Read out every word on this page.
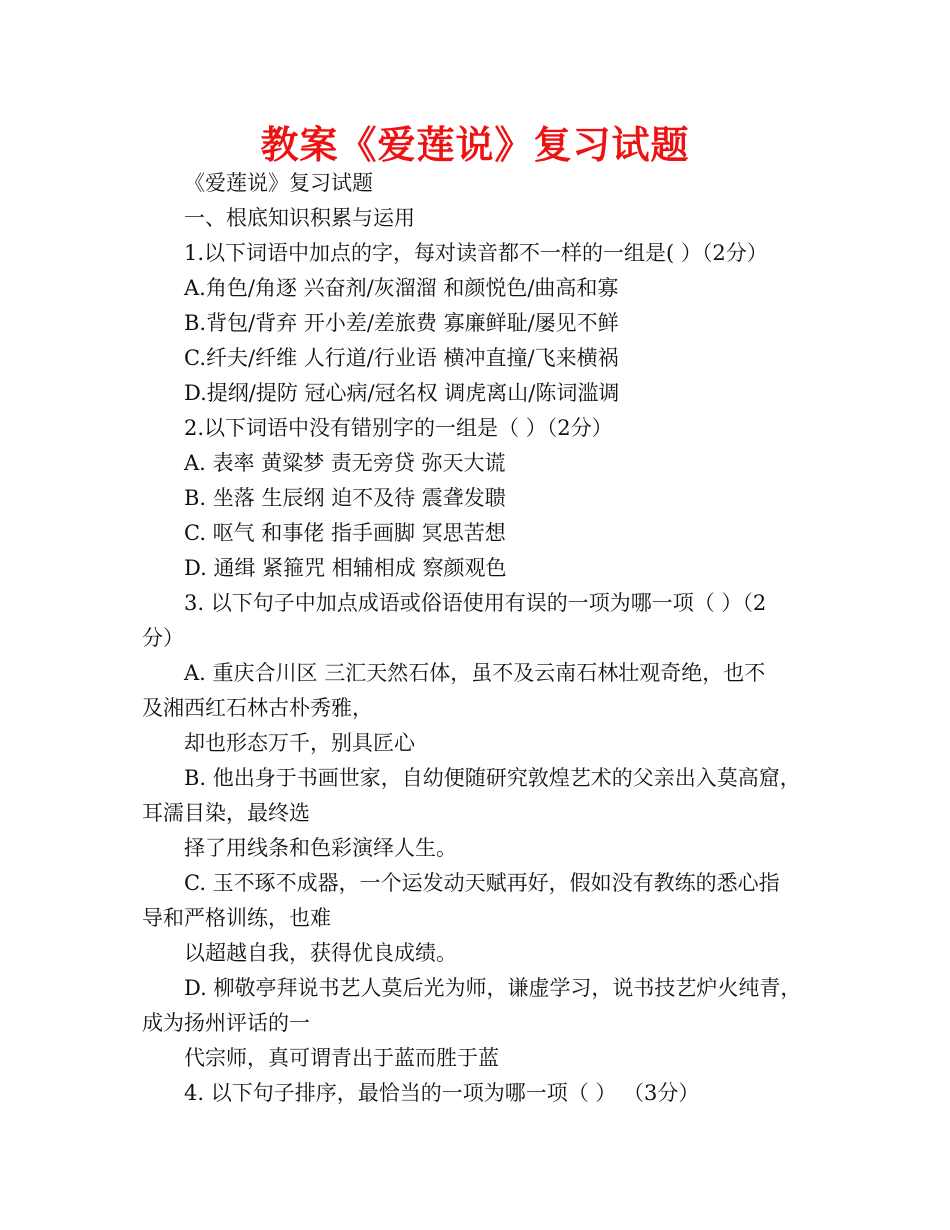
教案《爱莲说》复习试题
《爱莲说》复习试题
一、根底知识积累与运用
1.以下词语中加点的字，每对读音都不一样的一组是( ）（2分）
A.角色/角逐 兴奋剂/灰溜溜 和颜悦色/曲高和寡
B.背包/背弃 开小差/差旅费 寡廉鲜耻/屡见不鲜
C.纤夫/纤维 人行道/行业语 横冲直撞/飞来横祸
D.提纲/提防 冠心病/冠名权 调虎离山/陈词滥调
2.以下词语中没有错别字的一组是（ ）（2分）
A. 表率 黄粱梦 责无旁贷 弥天大谎
B. 坐落 生辰纲 迫不及待 震聋发聩
C. 呕气 和事佬 指手画脚 冥思苦想
D. 通缉 紧箍咒 相辅相成 察颜观色
3. 以下句子中加点成语或俗语使用有误的一项为哪一项（ ）（2
分）
A. 重庆合川区 三汇天然石体，虽不及云南石林壮观奇绝，也不
及湘西红石林古朴秀雅，
却也形态万千，别具匠心
B. 他出身于书画世家，自幼便随研究敦煌艺术的父亲出入莫高窟，
耳濡目染，最终选
择了用线条和色彩演绎人生。
C. 玉不琢不成器，一个运发动天赋再好，假如没有教练的悉心指
导和严格训练，也难
以超越自我，获得优良成绩。
D. 柳敬亭拜说书艺人莫后光为师，谦虚学习，说书技艺炉火纯青，
成为扬州评话的一
代宗师，真可谓青出于蓝而胜于蓝
4. 以下句子排序，最恰当的一项为哪一项（ ） （3分）
